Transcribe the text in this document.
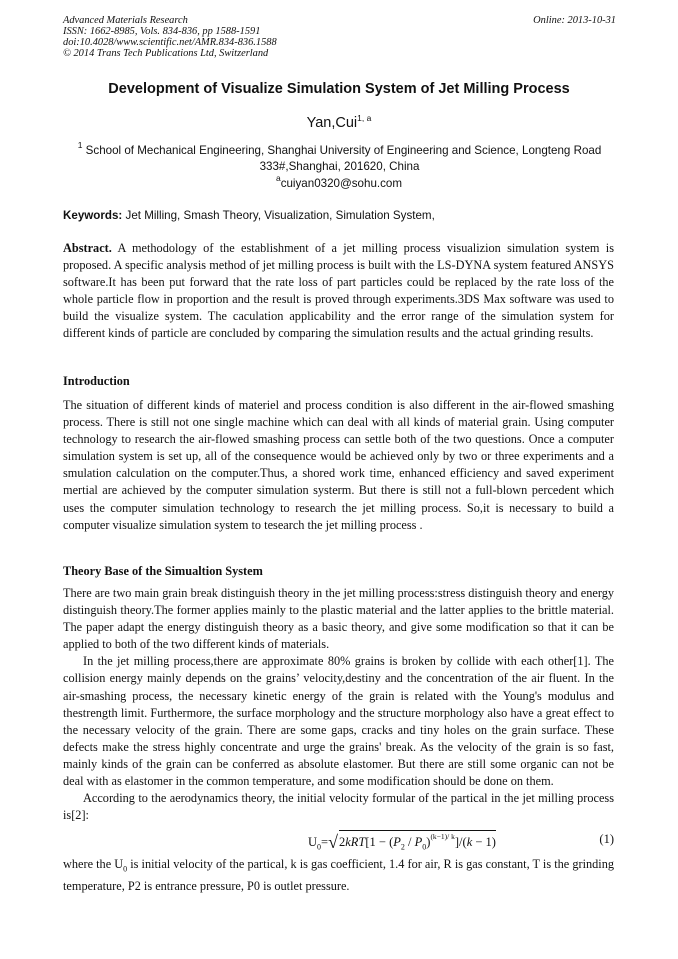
Advanced Materials Research
ISSN: 1662-8985, Vols. 834-836, pp 1588-1591
doi:10.4028/www.scientific.net/AMR.834-836.1588
© 2014 Trans Tech Publications Ltd, Switzerland
Online: 2013-10-31
Development of Visualize Simulation System of Jet Milling Process
Yan,Cui$^{1, a}$
$^1$ School of Mechanical Engineering, Shanghai University of Engineering and Science, Longteng Road 333#,Shanghai, 201620, China
$^a$cuiyan0320@sohu.com
Keywords: Jet Milling, Smash Theory, Visualization, Simulation System,
Abstract. A methodology of the establishment of a jet milling process visualizion simulation system is proposed. A specific analysis method of jet milling process is built with the LS-DYNA system featured ANSYS software.It has been put forward that the rate loss of part particles could be replaced by the rate loss of the whole particle flow in proportion and the result is proved through experiments.3DS Max software was used to build the visualize system. The caculation applicability and the error range of the simulation system for different kinds of particle are concluded by comparing the simulation results and the actual grinding results.
Introduction
The situation of different kinds of materiel and process condition is also different in the air-flowed smashing process. There is still not one single machine which can deal with all kinds of material grain. Using computer technology to research the air-flowed smashing process can settle both of the two questions. Once a computer simulation system is set up, all of the consequence would be achieved only by two or three experiments and a smulation calculation on the computer.Thus, a shored work time, enhanced efficiency and saved experiment mertial are achieved by the computer simulation systerm. But there is still not a full-blown percedent which uses the computer simulation technology to research the jet milling process. So,it is necessary to build a computer visualize simulation system to tesearch the jet milling process .
Theory Base of the Simualtion System
There are two main grain break distinguish theory in the jet milling process:stress distinguish theory and energy distinguish theory.The former applies mainly to the plastic material and the latter applies to the brittle material. The paper adapt the energy distinguish theory as a basic theory, and give some modification so that it can be applied to both of the two different kinds of materials.
In the jet milling process,there are approximate 80% grains is broken by collide with each other[1]. The collision energy mainly depends on the grains’ velocity,destiny and the concentration of the air fluent. In the air-smashing process, the necessary kinetic energy of the grain is related with the Young's modulus and thestrength limit. Furthermore, the surface morphology and the structure morphology also have a great effect to the necessary velocity of the grain. There are some gaps, cracks and tiny holes on the grain surface. These defects make the stress highly concentrate and urge the grains' break. As the velocity of the grain is so fast, mainly kinds of the grain can be conferred as absolute elastomer. But there are still some organic can not be deal with as elastomer in the common temperature, and some modification should be done on them.
According to the aerodynamics theory, the initial velocity formular of the partical in the jet milling process is[2]:
$U_0=√2kRT[1 - (P_2 / P_0)^{(k-1)/ k}]/(k - 1)$	(1)
where the $U_0$ is initial velocity of the partical, k is gas coefficient, 1.4 for air, R is gas constant, T is the grinding temperature, P2 is entrance pressure, P0 is outlet pressure.
